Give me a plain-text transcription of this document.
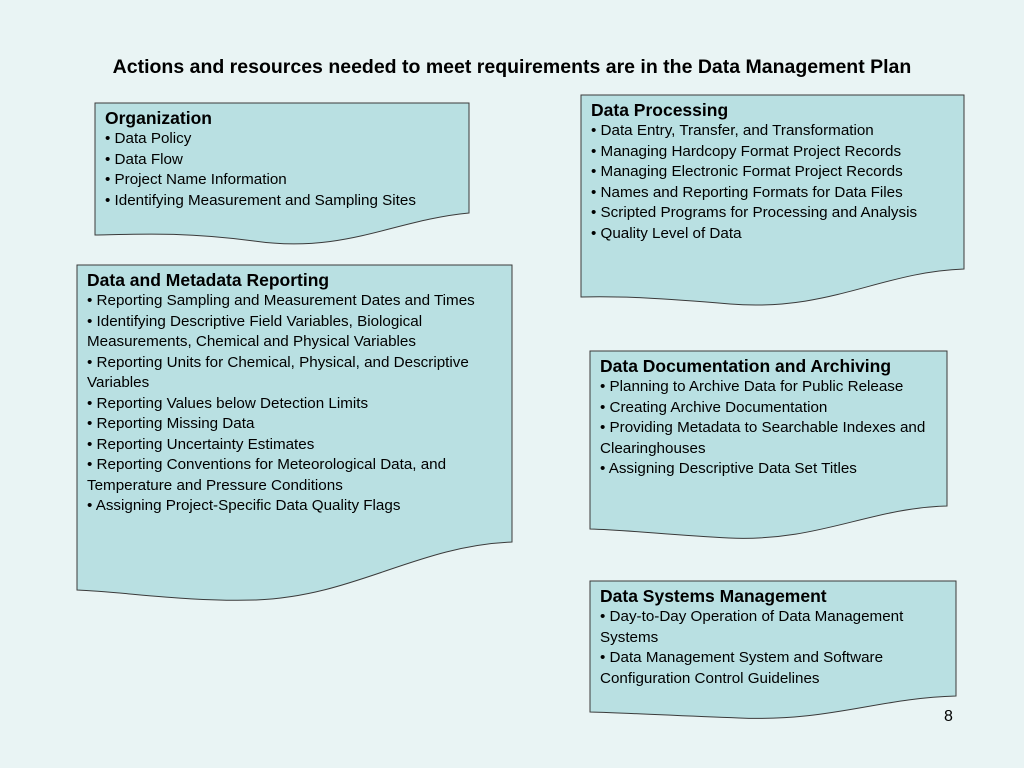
Actions and resources needed to meet requirements are in the Data Management Plan
Organization
• Data Policy
• Data Flow
• Project Name Information
• Identifying Measurement and Sampling Sites
Data Processing
• Data Entry, Transfer, and Transformation
• Managing Hardcopy Format Project Records
• Managing Electronic Format Project Records
• Names and Reporting Formats for Data Files
• Scripted Programs for Processing and Analysis
• Quality Level of Data
Data and Metadata Reporting
• Reporting Sampling and Measurement Dates and Times
• Identifying Descriptive Field Variables, Biological Measurements, Chemical and Physical Variables
• Reporting Units for Chemical, Physical, and Descriptive Variables
• Reporting Values below Detection Limits
• Reporting Missing Data
• Reporting Uncertainty Estimates
• Reporting Conventions for Meteorological Data, and Temperature and Pressure Conditions
• Assigning Project-Specific Data Quality Flags
Data Documentation and Archiving
• Planning to Archive Data for Public Release
• Creating Archive Documentation
• Providing Metadata to Searchable Indexes and Clearinghouses
• Assigning Descriptive Data Set Titles
Data Systems Management
• Day-to-Day Operation of Data Management Systems
• Data Management System and Software Configuration Control Guidelines
8
